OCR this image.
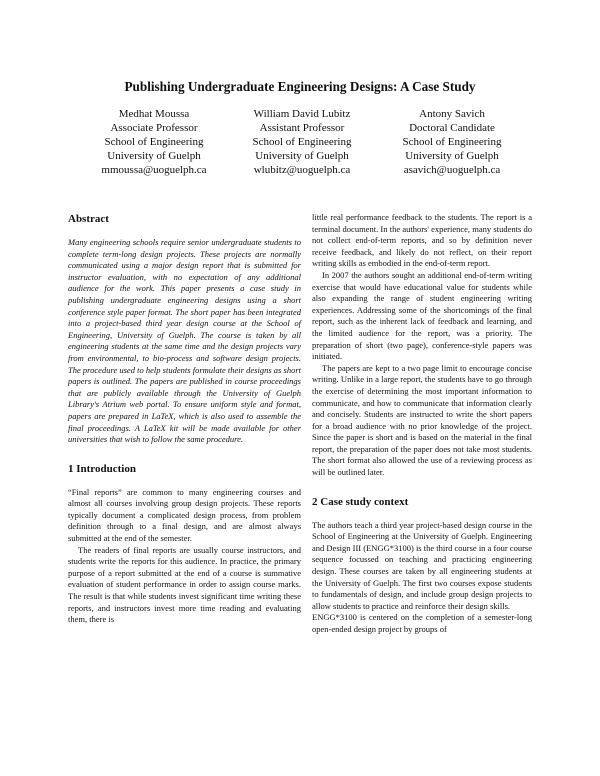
Publishing Undergraduate Engineering Designs: A Case Study
Medhat Moussa
Associate Professor
School of Engineering
University of Guelph
mmoussa@uoguelph.ca
William David Lubitz
Assistant Professor
School of Engineering
University of Guelph
wlubitz@uoguelph.ca
Antony Savich
Doctoral Candidate
School of Engineering
University of Guelph
asavich@uoguelph.ca
Abstract

Many engineering schools require senior undergraduate students to complete term-long design projects. These projects are normally communicated using a major design report that is submitted for instructor evaluation, with no expectation of any additional audience for the work. This paper presents a case study in publishing undergraduate engineering designs using a short conference style paper format. The short paper has been integrated into a project-based third year design course at the School of Engineering, University of Guelph. The course is taken by all engineering students at the same time and the design projects vary from environmental, to bio-process and software design projects. The procedure used to help students formulate their designs as short papers is outlined. The papers are published in course proceedings that are publicly available through the University of Guelph Library's Atrium web portal. To ensure uniform style and format, papers are prepared in LaTeX, which is also used to assemble the final proceedings. A LaTeX kit will be made available for other universities that wish to follow the same procedure.

1 Introduction

“Final reports” are common to many engineering courses and almost all courses involving group design projects. These reports typically document a complicated design process, from problem definition through to a final design, and are almost always submitted at the end of the semester.

The readers of final reports are usually course instructors, and students write the reports for this audience. In practice, the primary purpose of a report submitted at the end of a course is summative evaluation of student performance in order to assign course marks. The result is that while students invest significant time writing these reports, and instructors invest more time reading and evaluating them, there is

little real performance feedback to the students. The report is a terminal document. In the authors' experience, many students do not collect end-of-term reports, and so by definition never receive feedback, and likely do not reflect, on their report writing skills as embodied in the end-of-term report.

In 2007 the authors sought an additional end-of-term writing exercise that would have educational value for students while also expanding the range of student engineering writing experiences. Addressing some of the shortcomings of the final report, such as the inherent lack of feedback and learning, and the limited audience for the report, was a priority. The preparation of short (two page), conference-style papers was initiated.

The papers are kept to a two page limit to encourage concise writing. Unlike in a large report, the students have to go through the exercise of determining the most important information to communicate, and how to communicate that information clearly and concisely. Students are instructed to write the short papers for a broad audience with no prior knowledge of the project. Since the paper is short and is based on the material in the final report, the preparation of the paper does not take most students. The short format also allowed the use of a reviewing process as will be outlined later.

2 Case study context

The authors teach a third year project-based design course in the School of Engineering at the University of Guelph. Engineering and Design III (ENGG*3100) is the third course in a four course sequence focussed on teaching and practicing engineering design. These courses are taken by all engineering students at the University of Guelph. The first two courses expose students to fundamentals of design, and include group design projects to allow students to practice and reinforce their design skills.

ENGG*3100 is centered on the completion of a semester-long open-ended design project by groups of
